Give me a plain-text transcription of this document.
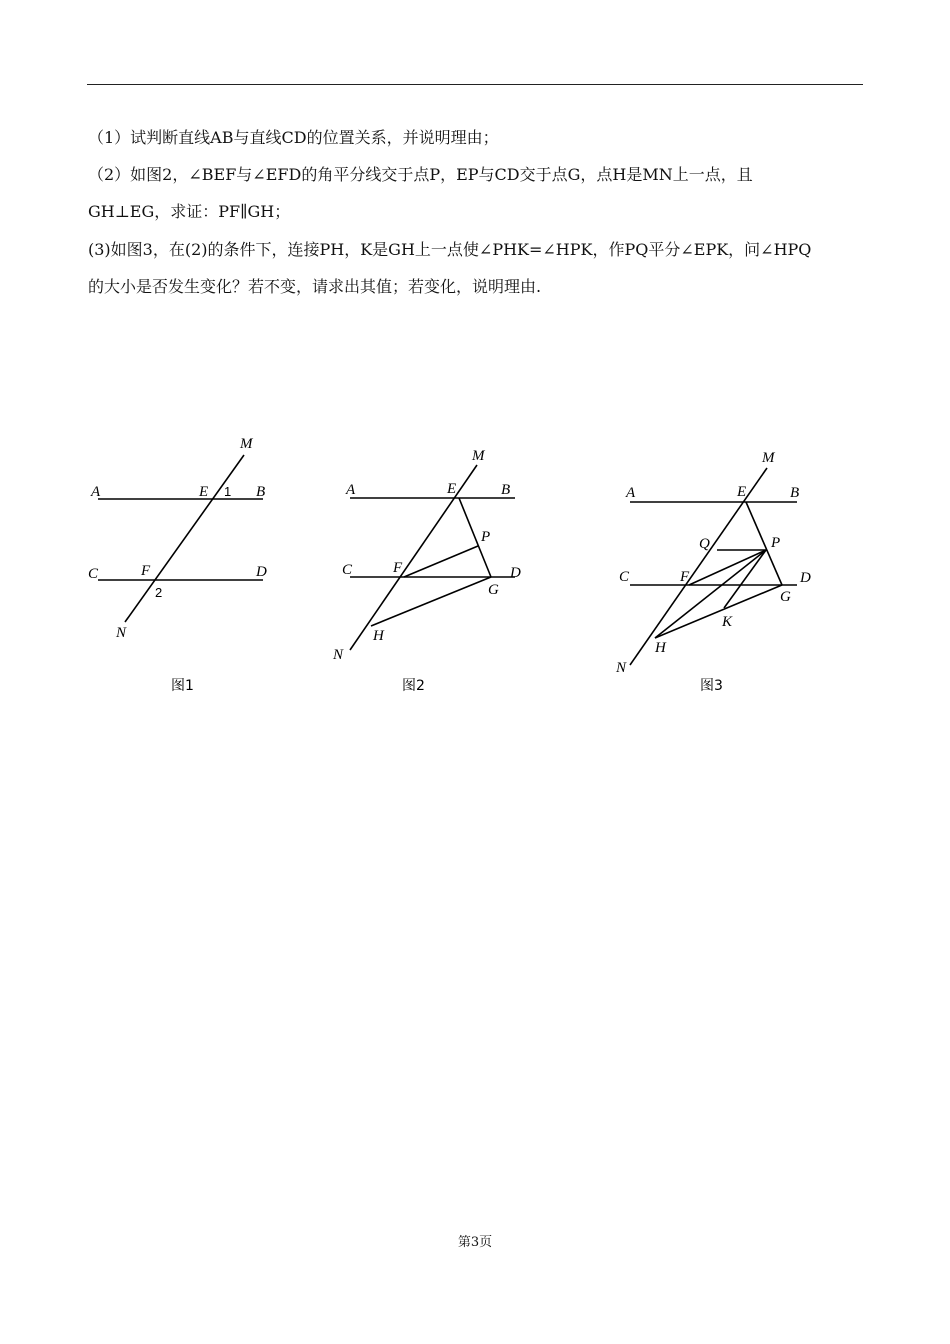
（1）试判断直线AB与直线CD的位置关系，并说明理由；
（2）如图2，∠BEF与∠EFD的角平分线交于点P，EP与CD交于点G，点H是MN上一点，且
GH⊥EG，求证：PF∥GH；
(3)如图3，在(2)的条件下，连接PH，K是GH上一点使∠PHK=∠HPK，作PQ平分∠EPK，问∠HPQ
的大小是否发生变化？若不变，请求出其值；若变化，说明理由.
A	B
C	D
E
F
M
N
1
2
图1
A	B
C	D
E
F
M
N
P
G
H
图2
A	B
C	D
E
F
M
N
P
G
H
Q
K
图3
第3页
